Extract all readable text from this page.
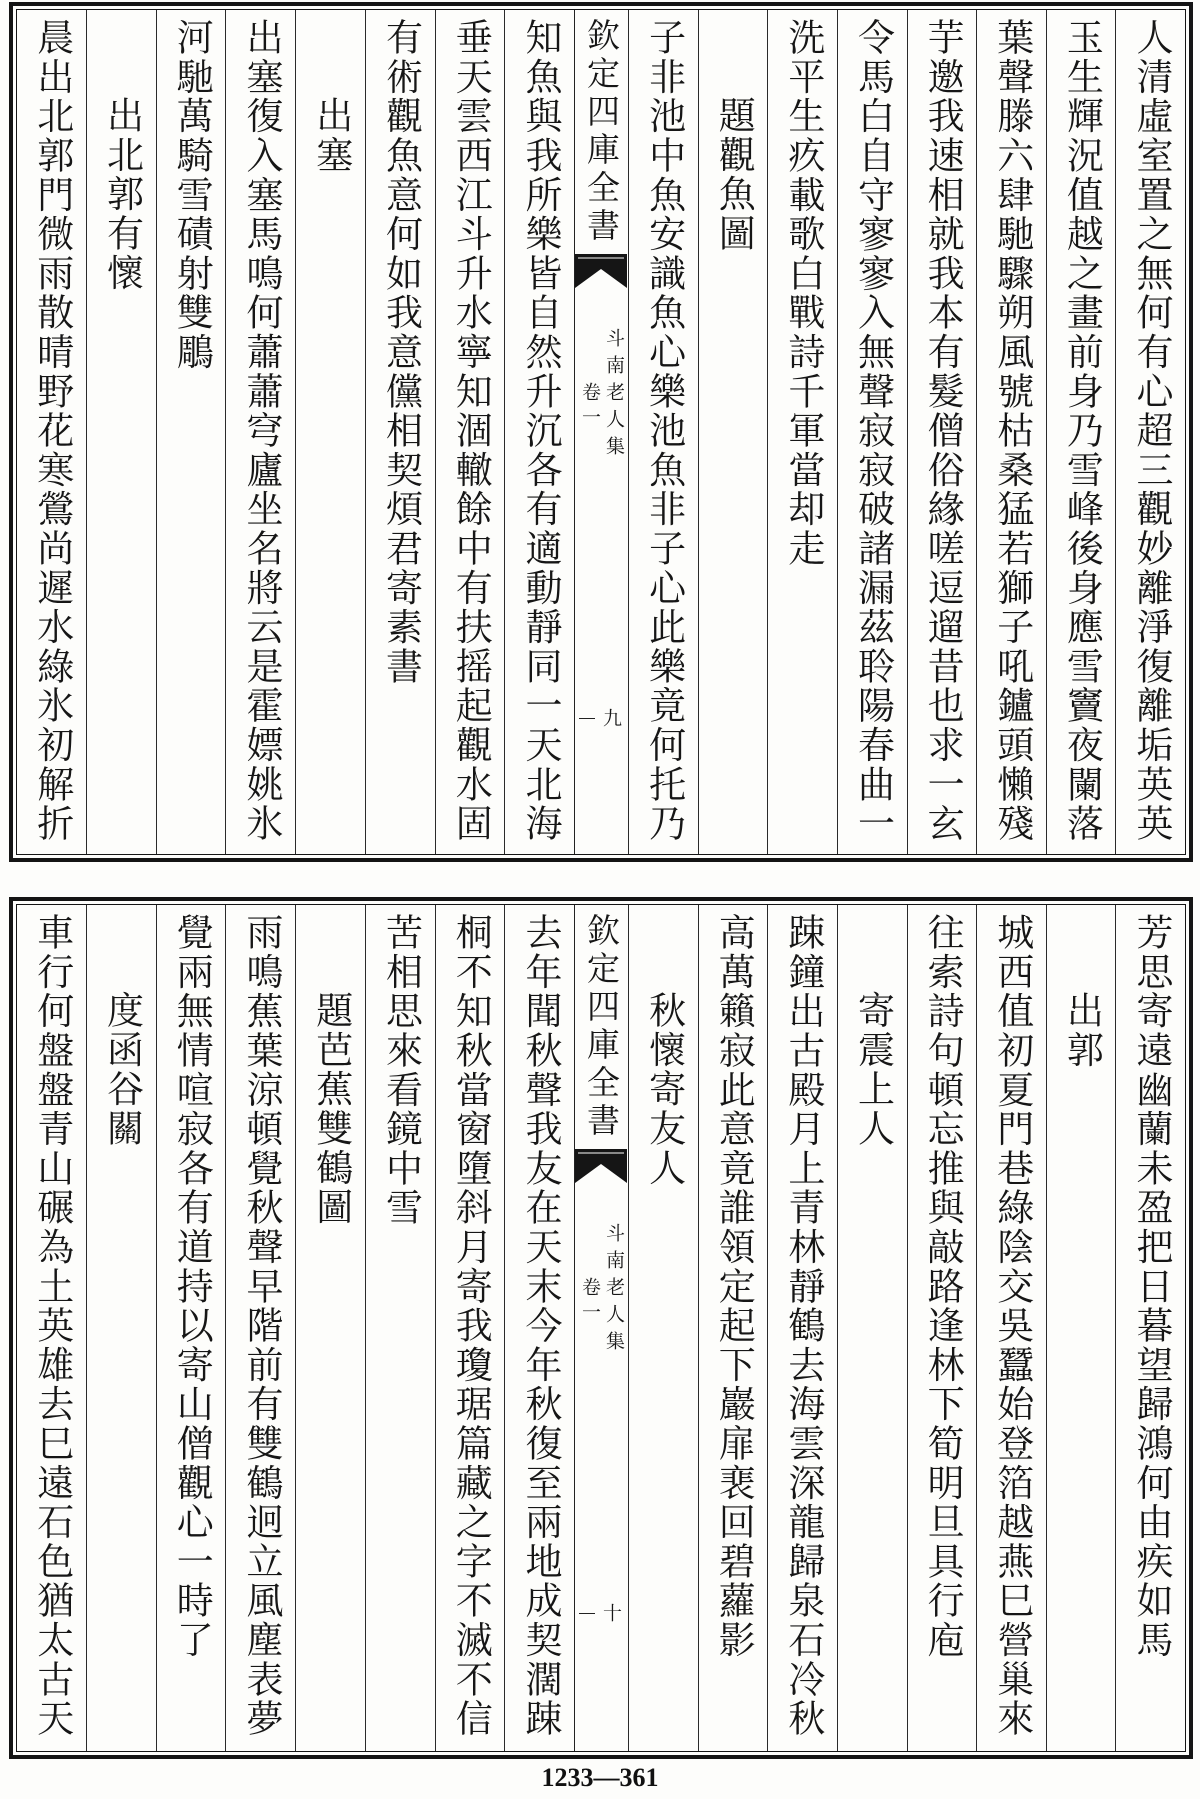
人清虛室置之無何有心超三觀妙離淨復離垢英英
玉生輝況值越之畫前身乃雪峰後身應雪竇夜闌落
葉聲滕六肆馳驟朔風號枯桑猛若獅子吼鑪頭懶殘
芋邀我速相就我本有髮僧俗緣嗟逗遛昔也求一玄
令馬白自守寥寥入無聲寂寂破諸漏茲聆陽春曲一
洗平生疚載歌白戰詩千軍當却走
題觀魚圖
子非池中魚安識魚心樂池魚非子心此樂竟何托乃
欽定四庫全書
斗南老人集
卷一
九
知魚與我所樂皆自然升沉各有適動靜同一天北海
垂天雲西江斗升水寧知涸轍餘中有扶摇起觀水固
有術觀魚意何如我意儻相契煩君寄素書
出塞
出塞復入塞馬鳴何蕭蕭穹廬坐名將云是霍嫖姚氷
河馳萬騎雪磧射雙鵰
出北郭有懷
晨出北郭門微雨散晴野花寒鶯尚遲水綠氷初解折
芳思寄遠幽蘭未盈把日暮望歸鴻何由疾如馬
出郭
城西值初夏門巷綠陰交吳蠶始登箔越燕巳營巢來
往索詩句頓忘推與敲路逢林下筍明旦具行庖
寄震上人
踈鐘出古殿月上青林靜鶴去海雲深龍歸泉石冷秋
高萬籟寂此意竟誰領定起下巖扉裵回碧蘿影
秋懷寄友人
欽定四庫全書
斗南老人集
卷一
十
去年聞秋聲我友在天末今年秋復至兩地成契濶踈
桐不知秋當窗墮斜月寄我瓊琚篇藏之字不滅不信
苦相思來看鏡中雪
題芭蕉雙鶴圖
雨鳴蕉葉涼頓覺秋聲早階前有雙鶴迥立風塵表夢
覺兩無情喧寂各有道持以寄山僧觀心一時了
度函谷關
車行何盤盤青山碾為土英雄去巳遠石色猶太古天
1233—361
